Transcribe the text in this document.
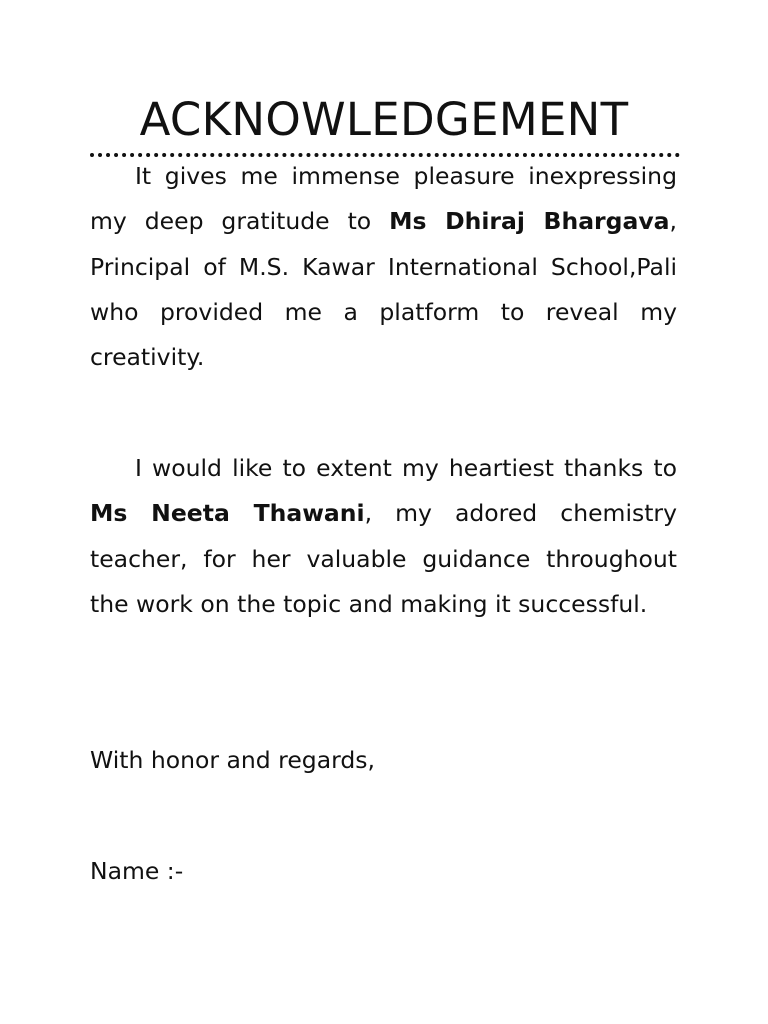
ACKNOWLEDGEMENT

It gives me immense pleasure inexpressing my deep gratitude to Ms Dhiraj Bhargava, Principal of M.S. Kawar International School,Pali who provided me a platform to reveal my creativity.

I would like to extent my heartiest thanks to Ms Neeta Thawani, my adored chemistry teacher, for her valuable guidance throughout the work on the topic and making it successful.

With honor and regards,

Name :-
